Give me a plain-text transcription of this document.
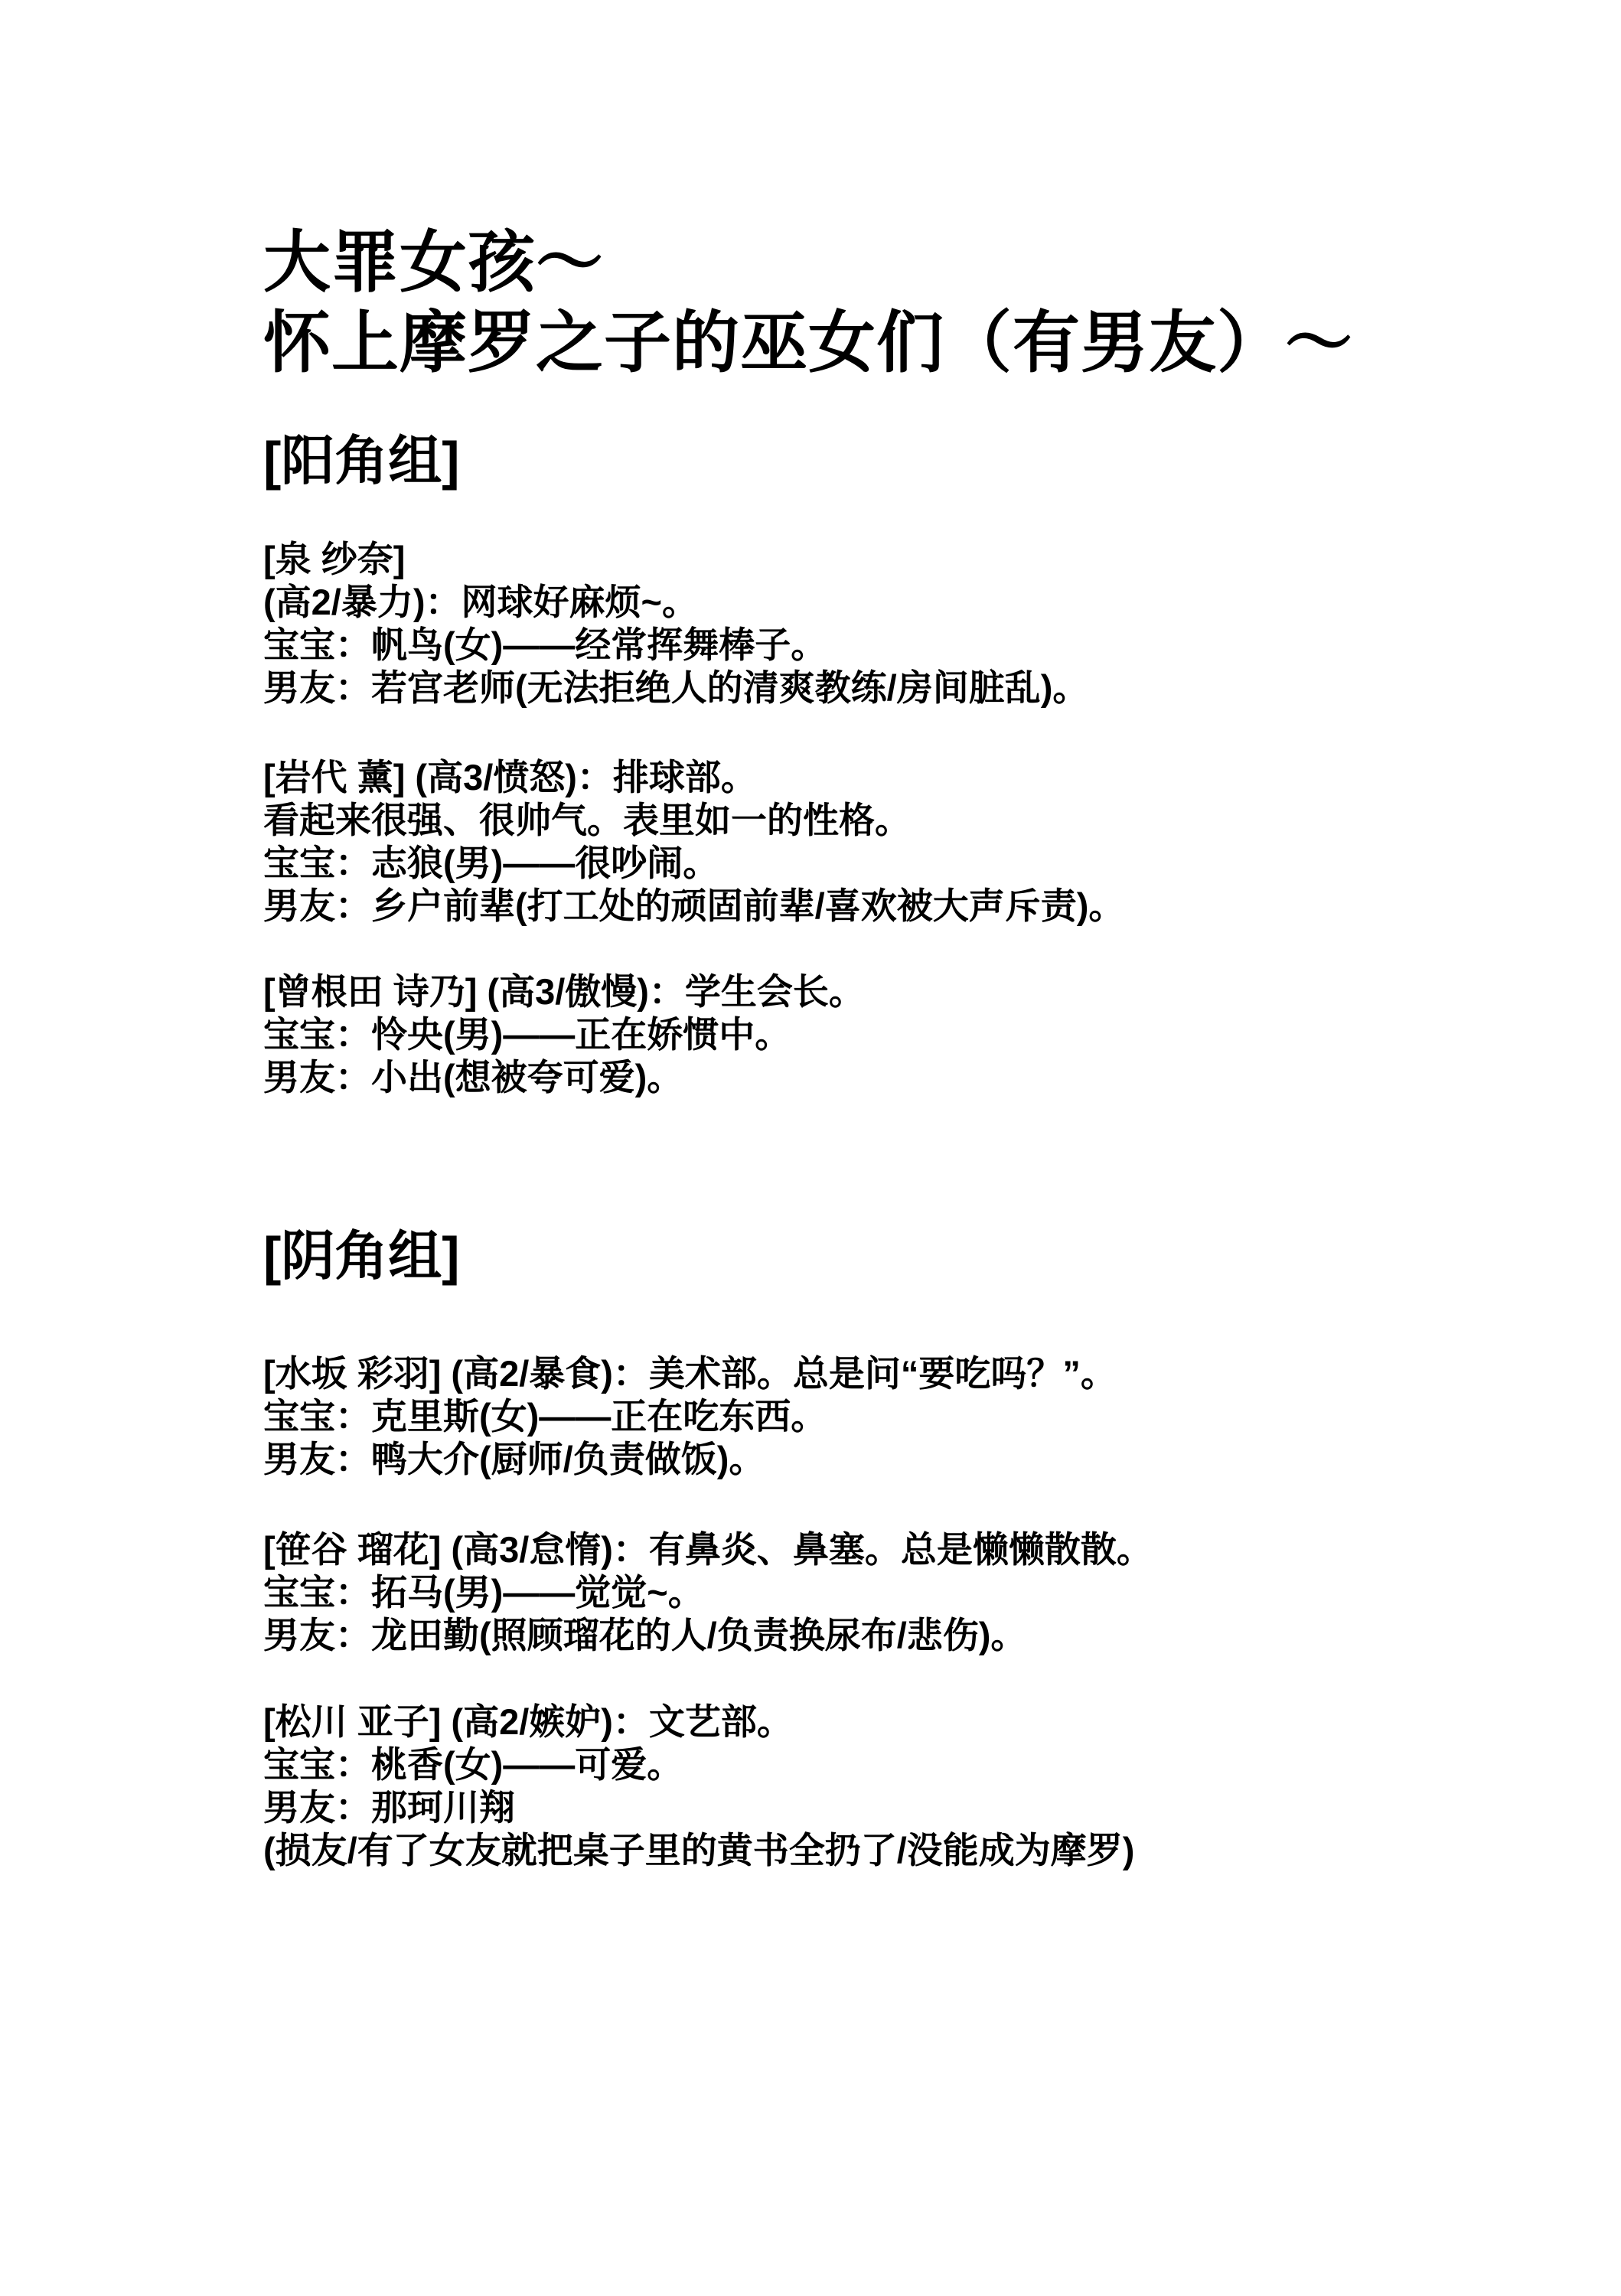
大罪女孩～
怀上摩罗之子的巫女们（有男友）～
[阳角组]
[泉 纱奈]
(高2/暴力)：网球好麻烦~。
宝宝：帆鸟(女)——经常挥舞棒子。
男友：若宫老师(无法拒绝人的清爽教练/房间脏乱)。
[岩代 薰] (高3/愤怒)：排球部。
看起来很强、很帅气。表里如一的性格。
宝宝：志狼(男)——很吵闹。
男友：乡户前辈(打工处的顽固前辈/喜欢被大声斥责)。
[曾根田 诗乃] (高3/傲慢)：学生会长。
宝宝：怜央(男)——正在娇惯中。
男友：小出(想被夸可爱)。
[阴角组]
[水坂 彩羽] (高2/暴食)：美术部。总是问“要吃吗？”。
宝宝：克里斯(女)——正在吃东西。
男友：鸭大介(厨师/负责做饭)。
[笹谷 瑠花] (高3/怠惰)：有鼻炎、鼻塞。总是懒懒散散。
宝宝：拓马(男)——觉觉~。
男友：龙田勤(照顾瑠花的人/负责换尿布/悲伤)。
[松川 亚子] (高2/嫉妒)：文艺部。
宝宝：桃香(女)——可爱。
男友：那珂川翔
(损友/有了女友就把桌子里的黄书全扔了/没能成为摩罗)
